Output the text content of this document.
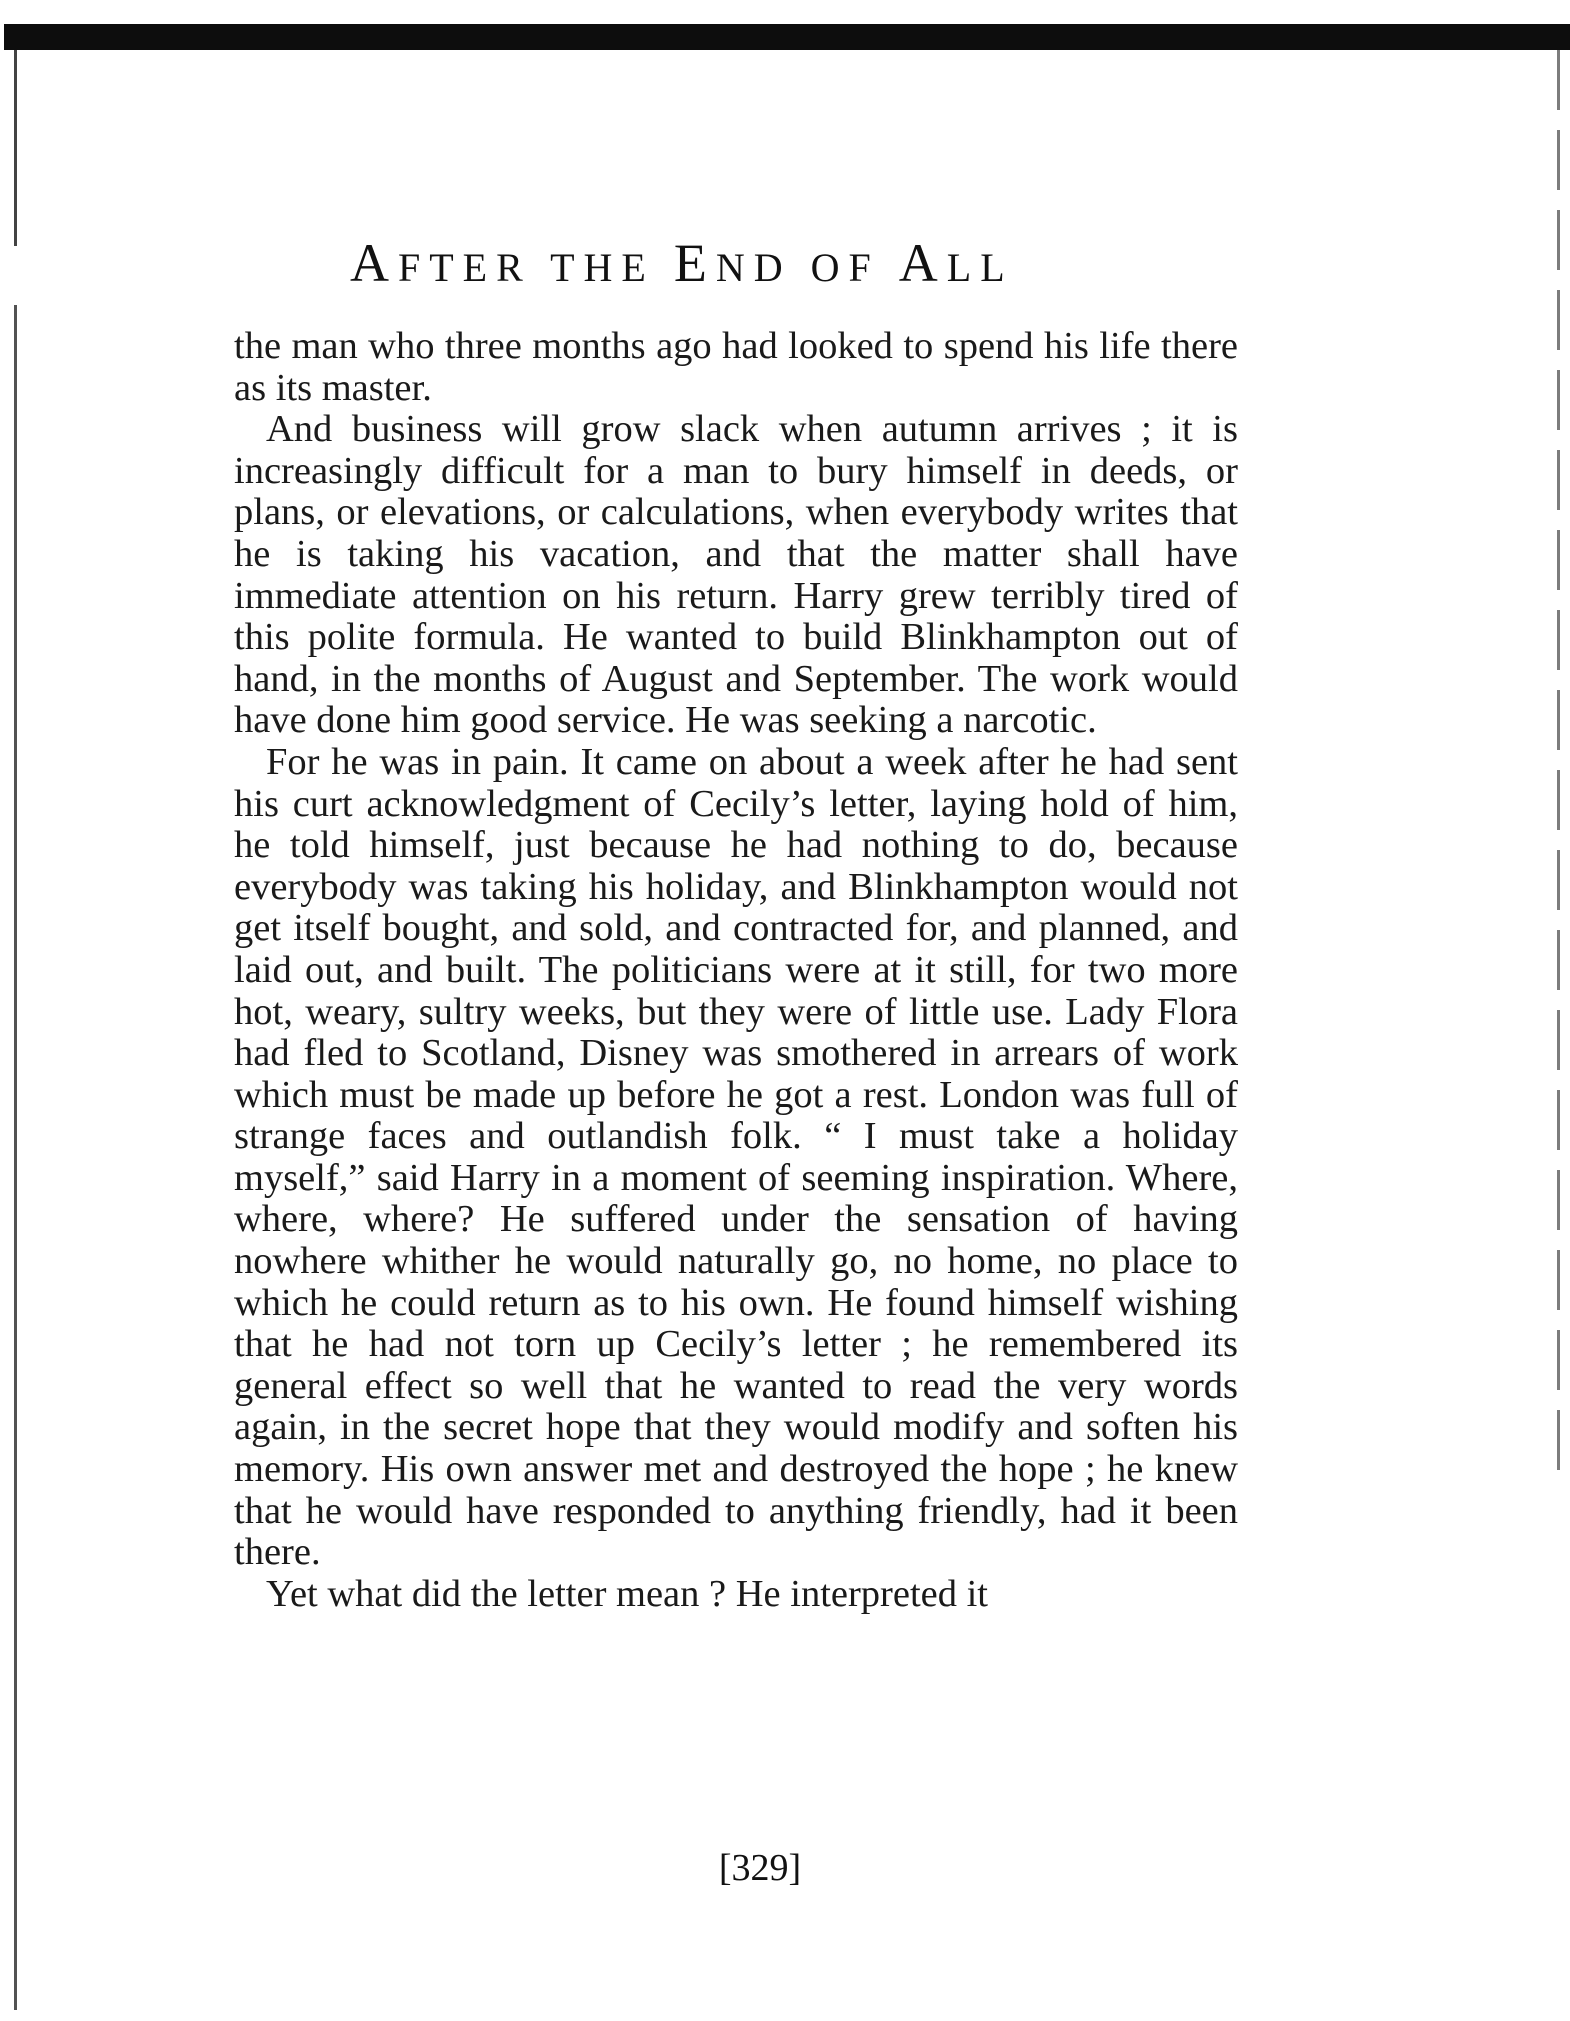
AFTER THE END OF ALL

the man who three months ago had looked to spend his life there as its master.

And business will grow slack when autumn arrives ; it is increasingly difficult for a man to bury himself in deeds, or plans, or elevations, or calculations, when everybody writes that he is taking his vacation, and that the matter shall have immediate attention on his return. Harry grew terribly tired of this polite formula. He wanted to build Blinkhampton out of hand, in the months of August and September. The work would have done him good service. He was seeking a narcotic.

For he was in pain. It came on about a week after he had sent his curt acknowledgment of Cecily’s letter, laying hold of him, he told himself, just because he had nothing to do, because everybody was taking his holiday, and Blinkhampton would not get itself bought, and sold, and contracted for, and planned, and laid out, and built. The politicians were at it still, for two more hot, weary, sultry weeks, but they were of little use. Lady Flora had fled to Scotland, Disney was smothered in arrears of work which must be made up before he got a rest. London was full of strange faces and outlandish folk. “ I must take a holiday myself,” said Harry in a moment of seeming inspiration. Where, where, where? He suffered under the sensation of having nowhere whither he would naturally go, no home, no place to which he could return as to his own. He found himself wishing that he had not torn up Cecily’s letter ; he remembered its general effect so well that he wanted to read the very words again, in the secret hope that they would modify and soften his memory. His own answer met and destroyed the hope ; he knew that he would have responded to anything friendly, had it been there.

Yet what did the letter mean ? He interpreted it

[329]
